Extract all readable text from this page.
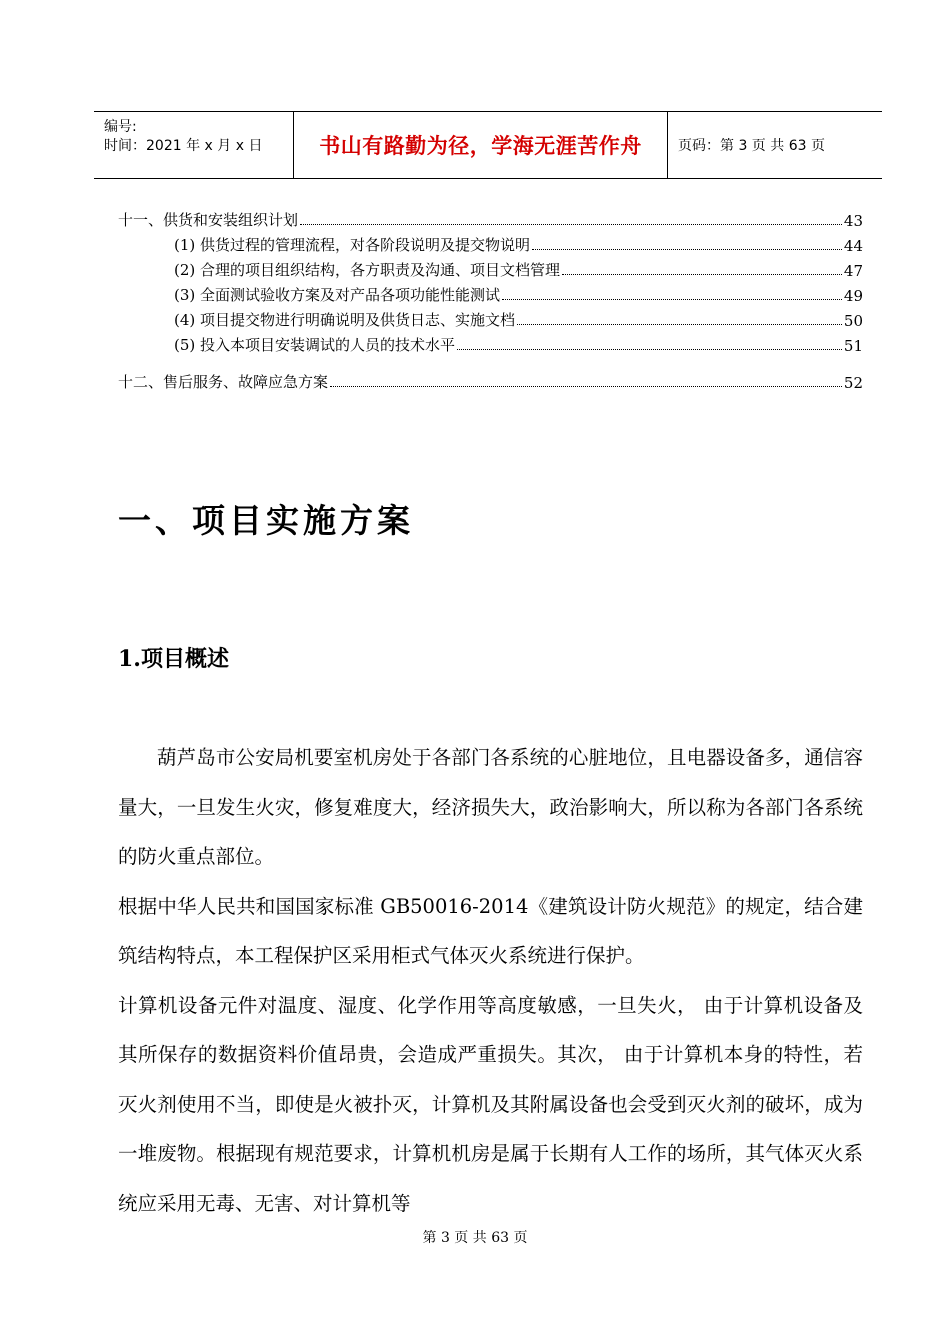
编号:
时间：2021 年 x 月 x 日	书山有路勤为径，学海无涯苦作舟	页码：第 3 页 共 63 页
十一、供货和安装组织计划	43
(1) 供货过程的管理流程，对各阶段说明及提交物说明	44
(2) 合理的项目组织结构，各方职责及沟通、项目文档管理	47
(3) 全面测试验收方案及对产品各项功能性能测试	49
(4) 项目提交物进行明确说明及供货日志、实施文档	50
(5) 投入本项目安装调试的人员的技术水平	51
十二、售后服务、故障应急方案	52
一、项目实施方案
1.项目概述

葫芦岛市公安局机要室机房处于各部门各系统的心脏地位，且电器设备多，通信容量大，一旦发生火灾，修复难度大，经济损失大，政治影响大，所以称为各部门各系统的防火重点部位。

根据中华人民共和国国家标准 GB50016-2014《建筑设计防火规范》的规定，结合建筑结构特点，本工程保护区采用柜式气体灭火系统进行保护。

计算机设备元件对温度、湿度、化学作用等高度敏感，一旦失火， 由于计算机设备及其所保存的数据资料价值昂贵，会造成严重损失。其次， 由于计算机本身的特性，若灭火剂使用不当，即使是火被扑灭，计算机及其附属设备也会受到灭火剂的破坏，成为一堆废物。根据现有规范要求，计算机机房是属于长期有人工作的场所，其气体灭火系统应采用无毒、无害、对计算机等

第 3 页 共 63 页
